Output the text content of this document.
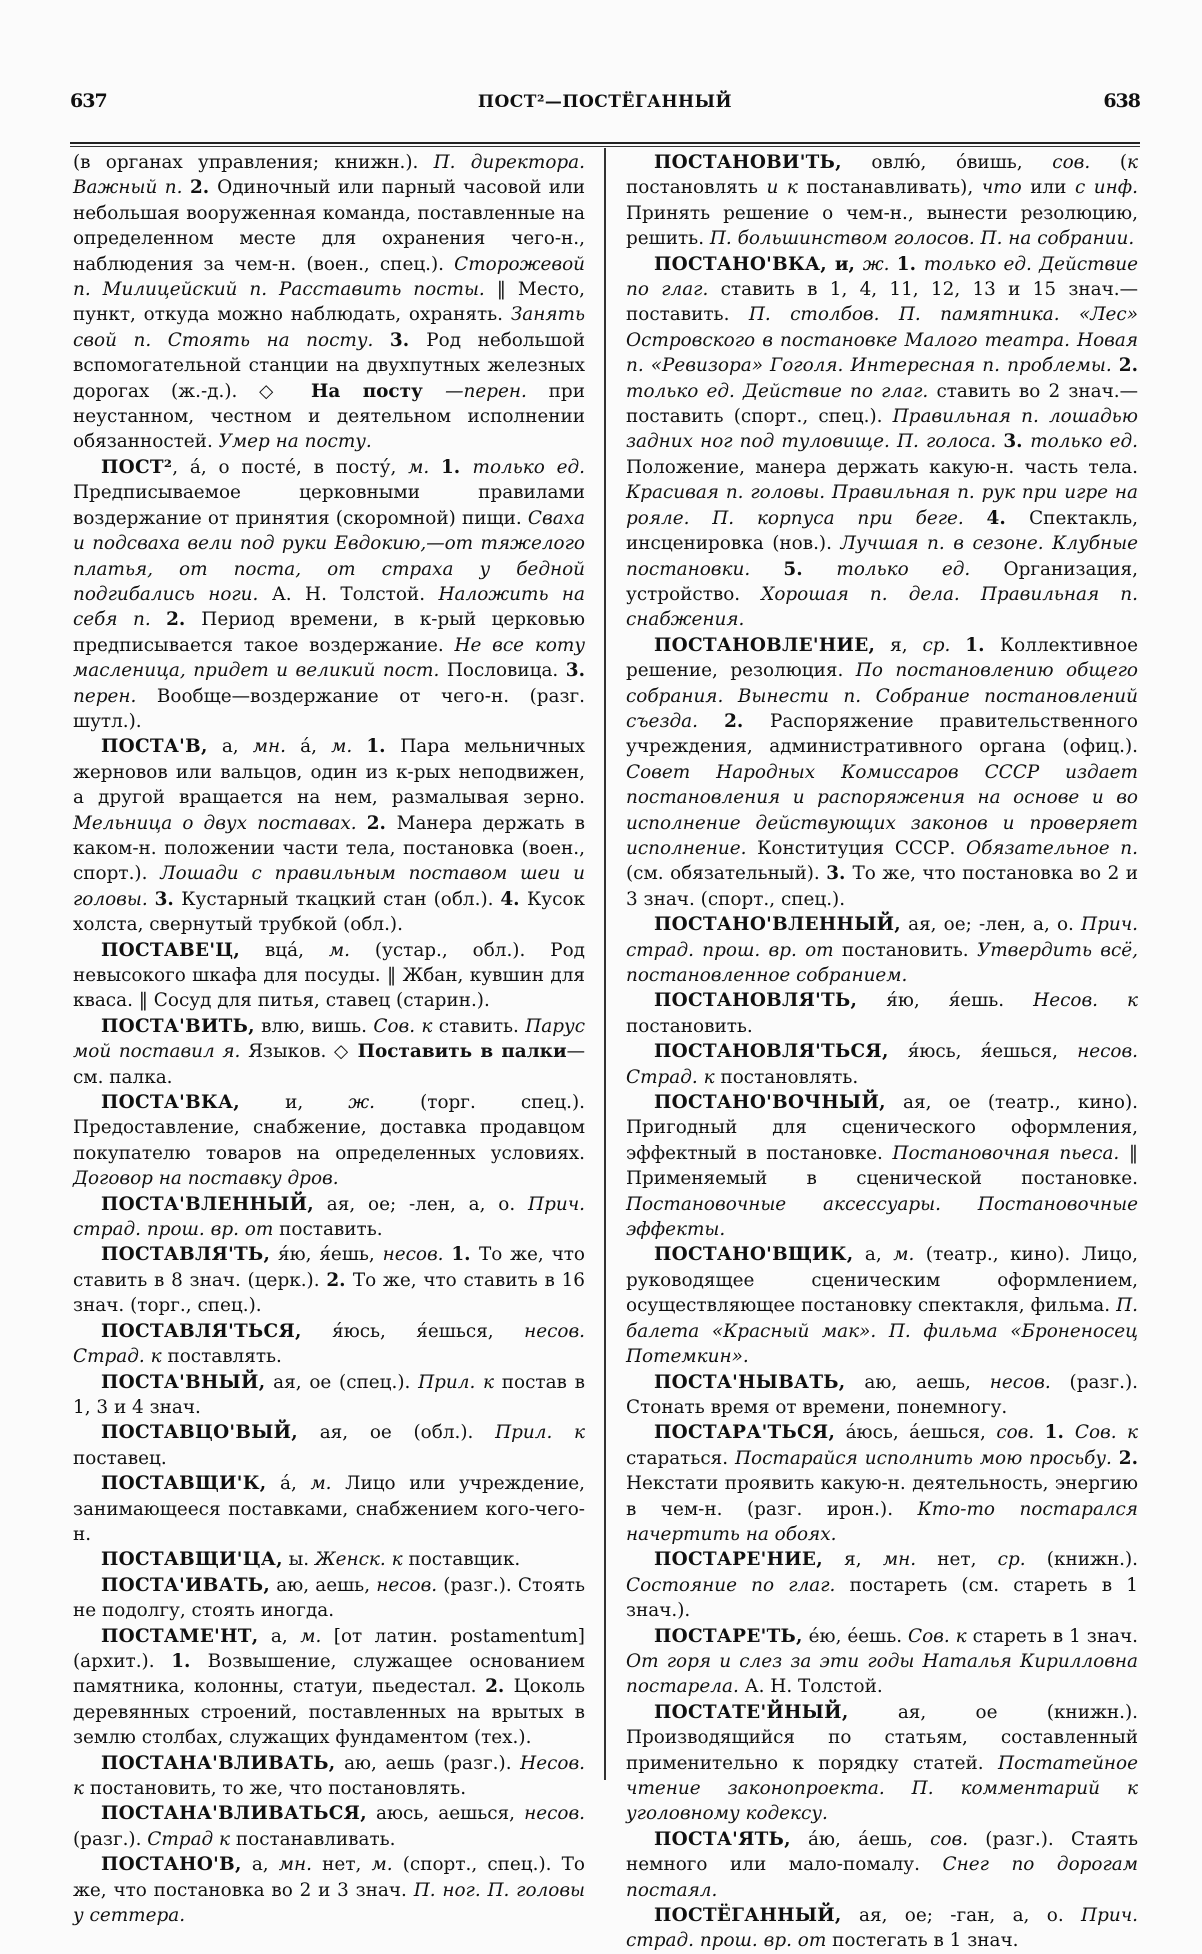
637	ПОСТ²—ПОСТЁГАННЫЙ	638

(в органах управления; книжн.). П. директора. Важный п. 2. Одиночный или парный часовой или небольшая вооруженная команда, поставленные на определенном месте для охранения чего-н., наблюдения за чем-н. (воен., спец.). Сторожевой п. Милицейский п. Расставить посты. ‖ Место, пункт, откуда можно наблюдать, охранять. Занять свой п. Стоять на посту. 3. Род небольшой вспомогательной станции на двухпутных железных дорогах (ж.-д.). ◇ На посту —перен. при неустанном, честном и деятельном исполнении обязанностей. Умер на посту.

ПОСТ², á, о посте́, в посту́, м. 1. только ед. Предписываемое церковными правилами воздержание от принятия (скоромной) пищи. Сваха и подсваха вели под руки Евдокию,—от тяжелого платья, от поста, от страха у бедной подгибались ноги. А. Н. Толстой. Наложить на себя п. 2. Период времени, в к-рый церковью предписывается такое воздержание. Не все коту масленица, придет и великий пост. Пословица. 3. перен. Вообще—воздержание от чего-н. (разг. шутл.).

ПОСТА'В, а, мн. á, м. 1. Пара мельничных жерновов или вальцов, один из к-рых неподвижен, а другой вращается на нем, размалывая зерно. Мельница о двух поставах. 2. Манера держать в каком-н. положении части тела, постановка (воен., спорт.). Лошади с правильным поставом шеи и головы. 3. Кустарный ткацкий стан (обл.). 4. Кусок холста, свернутый трубкой (обл.).

ПОСТАВЕ'Ц, вцá, м. (устар., обл.). Род невысокого шкафа для посуды. ‖ Жбан, кувшин для кваса. ‖ Сосуд для питья, ставец (старин.).

ПОСТА'ВИТЬ, влю, вишь. Сов. к ставить. Парус мой поставил я. Языков. ◇ Поставить в палки—см. палка.

ПОСТА'ВКА, и, ж. (торг. спец.). Предоставление, снабжение, доставка продавцом покупателю товаров на определенных условиях. Договор на поставку дров.

ПОСТА'ВЛЕННЫЙ, ая, ое; -лен, а, о. Прич. страд. прош. вр. от поставить.

ПОСТАВЛЯ'ТЬ, я́ю, я́ешь, несов. 1. То же, что ставить в 8 знач. (церк.). 2. То же, что ставить в 16 знач. (торг., спец.).

ПОСТАВЛЯ'ТЬСЯ, я́юсь, я́ешься, несов. Страд. к поставлять.

ПОСТА'ВНЫЙ, ая, ое (спец.). Прил. к постав в 1, 3 и 4 знач.

ПОСТАВЦО'ВЫЙ, ая, ое (обл.). Прил. к поставец.

ПОСТАВЩИ'К, á, м. Лицо или учреждение, занимающееся поставками, снабжением кого-чего-н.

ПОСТАВЩИ'ЦА, ы. Женск. к поставщик.

ПОСТА'ИВАТЬ, аю, аешь, несов. (разг.). Стоять не подолгу, стоять иногда.

ПОСТАМЕ'НТ, а, м. [от латин. postamentum] (архит.). 1. Возвышение, служащее основанием памятника, колонны, статуи, пьедестал. 2. Цоколь деревянных строений, поставленных на врытых в землю столбах, служащих фундаментом (тех.).

ПОСТАНА'ВЛИВАТЬ, аю, аешь (разг.). Несов. к постановить, то же, что постановлять.

ПОСТАНА'ВЛИВАТЬСЯ, аюсь, аешься, несов. (разг.). Страд к постанавливать.

ПОСТАНО'В, а, мн. нет, м. (спорт., спец.). То же, что постановка во 2 и 3 знач. П. ног. П. головы у сеттера.

ПОСТАНОВИ'ТЬ, овлю́, о́вишь, сов. (к постановлять и к постанавливать), что или с инф. Принять решение о чем-н., вынести резолюцию, решить. П. большинством голосов. П. на собрании.

ПОСТАНО'ВКА, и, ж. 1. только ед. Действие по глаг. ставить в 1, 4, 11, 12, 13 и 15 знач.—поставить. П. столбов. П. памятника. «Лес» Островского в постановке Малого театра. Новая п. «Ревизора» Гоголя. Интересная п. проблемы. 2. только ед. Действие по глаг. ставить во 2 знач.—поставить (спорт., спец.). Правильная п. лошадью задних ног под туловище. П. голоса. 3. только ед. Положение, манера держать какую-н. часть тела. Красивая п. головы. Правильная п. рук при игре на рояле. П. корпуса при беге. 4. Спектакль, инсценировка (нов.). Лучшая п. в сезоне. Клубные постановки. 5. только ед. Организация, устройство. Хорошая п. дела. Правильная п. снабжения.

ПОСТАНОВЛЕ'НИЕ, я, ср. 1. Коллективное решение, резолюция. По постановлению общего собрания. Вынести п. Собрание постановлений съезда. 2. Распоряжение правительственного учреждения, административного органа (офиц.). Совет Народных Комиссаров СССР издает постановления и распоряжения на основе и во исполнение действующих законов и проверяет исполнение. Конституция СССР. Обязательное п. (см. обязательный). 3. То же, что постановка во 2 и 3 знач. (спорт., спец.).

ПОСТАНО'ВЛЕННЫЙ, ая, ое; -лен, а, о. Прич. страд. прош. вр. от постановить. Утвердить всё, постановленное собранием.

ПОСТАНОВЛЯ'ТЬ, я́ю, я́ешь. Несов. к постановить.

ПОСТАНОВЛЯ'ТЬСЯ, я́юсь, я́ешься, несов. Страд. к постановлять.

ПОСТАНО'ВОЧНЫЙ, ая, ое (театр., кино). Пригодный для сценического оформления, эффектный в постановке. Постановочная пьеса. ‖ Применяемый в сценической постановке. Постановочные аксессуары. Постановочные эффекты.

ПОСТАНО'ВЩИК, а, м. (театр., кино). Лицо, руководящее сценическим оформлением, осуществляющее постановку спектакля, фильма. П. балета «Красный мак». П. фильма «Броненосец Потемкин».

ПОСТА'НЫВАТЬ, аю, аешь, несов. (разг.). Стонать время от времени, понемногу.

ПОСТАРА'ТЬСЯ, áюсь, áешься, сов. 1. Сов. к стараться. Постарайся исполнить мою просьбу. 2. Некстати проявить какую-н. деятельность, энергию в чем-н. (разг. ирон.). Кто-то постарался начертить на обоях.

ПОСТАРЕ'НИЕ, я, мн. нет, ср. (книжн.). Состояние по глаг. постареть (см. стареть в 1 знач.).

ПОСТАРЕ'ТЬ, éю, éешь. Сов. к стареть в 1 знач. От горя и слез за эти годы Наталья Кирилловна постарела. А. Н. Толстой.

ПОСТАТЕ'ЙНЫЙ, ая, ое (книжн.). Производящийся по статьям, составленный применительно к порядку статей. Постатейное чтение законопроекта. П. комментарий к уголовному кодексу.

ПОСТА'ЯТЬ, áю, áешь, сов. (разг.). Стаять немного или мало-помалу. Снег по дорогам постаял.

ПОСТЁГАННЫЙ, ая, ое; -ган, а, о. Прич. страд. прош. вр. от постегать в 1 знач.
